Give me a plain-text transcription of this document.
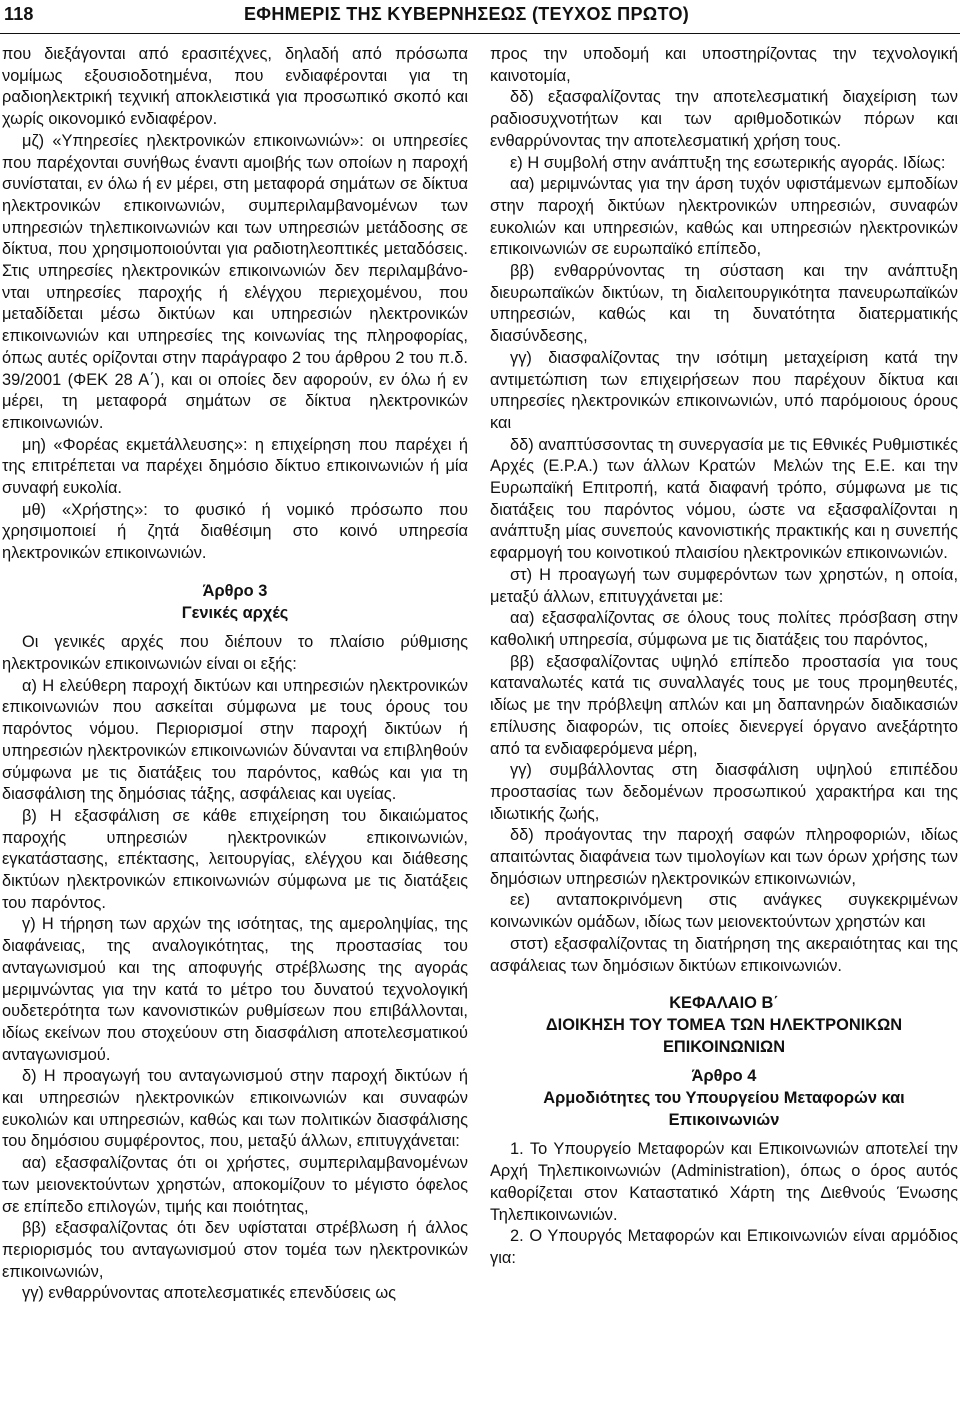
118	ΕΦΗΜΕΡΙΣ ΤΗΣ ΚΥΒΕΡΝΗΣΕΩΣ (ΤΕΥΧΟΣ ΠΡΩΤΟ)

που διεξάγονται από ερασιτέχνες, δηλαδή από πρόσωπα νομίμως εξουσιοδοτημένα, που ενδιαφέρονται για τη ραδιοηλεκτρική τεχνική αποκλειστικά για προσωπικό σκοπό και χωρίς οικονομικό ενδιαφέρον.

μζ) «Υπηρεσίες ηλεκτρονικών επικοινωνιών»: οι υπηρεσίες που παρέχονται συνήθως έναντι αμοιβής των οποίων η παροχή συνίσταται, εν όλω ή εν μέρει, στη μεταφορά σημάτων σε δίκτυα ηλεκτρονικών επικοινωνιών, συμπεριλαμβανομένων των υπηρεσιών τηλεπικοινωνιών και των υπηρεσιών μετάδοσης σε δίκτυα, που χρησιμοποιούνται για ραδιοτηλεοπτικές μεταδόσεις. Στις υπηρεσίες ηλεκτρονικών επικοινωνιών δεν περιλαμβάνονται υπηρεσίες παροχής ή ελέγχου περιεχομένου, που μεταδίδεται μέσω δικτύων και υπηρεσιών ηλεκτρονικών επικοινωνιών και υπηρεσίες της κοινωνίας της πληροφορίας, όπως αυτές ορίζονται στην παράγραφο 2 του άρθρου 2 του π.δ. 39/2001 (ΦΕΚ 28 Α΄), και οι οποίες δεν αφορούν, εν όλω ή εν μέρει, τη μεταφορά σημάτων σε δίκτυα ηλεκτρονικών επικοινωνιών.

μη) «Φορέας εκμετάλλευσης»: η επιχείρηση που παρέχει ή της επιτρέπεται να παρέχει δημόσιο δίκτυο επικοινωνιών ή μία συναφή ευκολία.

μθ) «Χρήστης»: το φυσικό ή νομικό πρόσωπο που χρησιμοποιεί ή ζητά διαθέσιμη στο κοινό υπηρεσία ηλεκτρονικών επικοινωνιών.

Άρθρο 3
Γενικές αρχές

Οι γενικές αρχές που διέπουν το πλαίσιο ρύθμισης ηλεκτρονικών επικοινωνιών είναι οι εξής:

α) Η ελεύθερη παροχή δικτύων και υπηρεσιών ηλεκτρονικών επικοινωνιών που ασκείται σύμφωνα με τους όρους του παρόντος νόμου. Περιορισμοί στην παροχή δικτύων ή υπηρεσιών ηλεκτρονικών επικοινωνιών δύνανται να επιβληθούν σύμφωνα με τις διατάξεις του παρόντος, καθώς και για τη διασφάλιση της δημόσιας τάξης, ασφάλειας και υγείας.

β) Η εξασφάλιση σε κάθε επιχείρηση του δικαιώματος παροχής υπηρεσιών ηλεκτρονικών επικοινωνιών, εγκατάστασης, επέκτασης, λειτουργίας, ελέγχου και διάθεσης δικτύων ηλεκτρονικών επικοινωνιών σύμφωνα με τις διατάξεις του παρόντος.

γ) Η τήρηση των αρχών της ισότητας, της αμεροληψίας, της διαφάνειας, της αναλογικότητας, της προστασίας του ανταγωνισμού και της αποφυγής στρέβλωσης της αγοράς μεριμνώντας για την κατά το μέτρο του δυνατού τεχνολογική ουδετερότητα των κανονιστικών ρυθμίσεων που επιβάλλονται, ιδίως εκείνων που στοχεύουν στη διασφάλιση αποτελεσματικού ανταγωνισμού.

δ) Η προαγωγή του ανταγωνισμού στην παροχή δικτύων ή και υπηρεσιών ηλεκτρονικών επικοινωνιών και συναφών ευκολιών και υπηρεσιών, καθώς και των πολιτικών διασφάλισης του δημόσιου συμφέροντος, που, μεταξύ άλλων, επιτυγχάνεται:

αα) εξασφαλίζοντας ότι οι χρήστες, συμπεριλαμβανομένων των μειονεκτούντων χρηστών, αποκομίζουν το μέγιστο όφελος σε επίπεδο επιλογών, τιμής και ποιότητας,

ββ) εξασφαλίζοντας ότι δεν υφίσταται στρέβλωση ή άλλος περιορισμός του ανταγωνισμού στον τομέα των ηλεκτρονικών επικοινωνιών,

γγ) ενθαρρύνοντας αποτελεσματικές επενδύσεις ως

προς την υποδομή και υποστηρίζοντας την τεχνολογική καινοτομία,

δδ) εξασφαλίζοντας την αποτελεσματική διαχείριση των ραδιοσυχνοτήτων και των αριθμοδοτικών πόρων και ενθαρρύνοντας την αποτελεσματική χρήση τους.

ε) Η συμβολή στην ανάπτυξη της εσωτερικής αγοράς. Ιδίως:

αα) μεριμνώντας για την άρση τυχόν υφιστάμενων εμποδίων στην παροχή δικτύων ηλεκτρονικών υπηρεσιών, συναφών ευκολιών και υπηρεσιών, καθώς και υπηρεσιών ηλεκτρονικών επικοινωνιών σε ευρωπαϊκό επίπεδο,

ββ) ενθαρρύνοντας τη σύσταση και την ανάπτυξη διευρωπαϊκών δικτύων, τη διαλειτουργικότητα πανευρωπαϊκών υπηρεσιών, καθώς και τη δυνατότητα διατερματικής διασύνδεσης,

γγ) διασφαλίζοντας την ισότιμη μεταχείριση κατά την αντιμετώπιση των επιχειρήσεων που παρέχουν δίκτυα και υπηρεσίες ηλεκτρονικών επικοινωνιών, υπό παρόμοιους όρους και

δδ) αναπτύσσοντας τη συνεργασία με τις Εθνικές Ρυθμιστικές Αρχές (Ε.Ρ.Α.) των άλλων Κρατών Μελών της Ε.Ε. και την Ευρωπαϊκή Επιτροπή, κατά διαφανή τρόπο, σύμφωνα με τις διατάξεις του παρόντος νόμου, ώστε να εξασφαλίζονται η ανάπτυξη μίας συνεπούς κανονιστικής πρακτικής και η συνεπής εφαρμογή του κοινοτικού πλαισίου ηλεκτρονικών επικοινωνιών.

στ) Η προαγωγή των συμφερόντων των χρηστών, η οποία, μεταξύ άλλων, επιτυγχάνεται με:

αα) εξασφαλίζοντας σε όλους τους πολίτες πρόσβαση στην καθολική υπηρεσία, σύμφωνα με τις διατάξεις του παρόντος,

ββ) εξασφαλίζοντας υψηλό επίπεδο προστασία για τους καταναλωτές κατά τις συναλλαγές τους με τους προμηθευτές, ιδίως με την πρόβλεψη απλών και μη δαπανηρών διαδικασιών επίλυσης διαφορών, τις οποίες διενεργεί όργανο ανεξάρτητο από τα ενδιαφερόμενα μέρη,

γγ) συμβάλλοντας στη διασφάλιση υψηλού επιπέδου προστασίας των δεδομένων προσωπικού χαρακτήρα και της ιδιωτικής ζωής,

δδ) προάγοντας την παροχή σαφών πληροφοριών, ιδίως απαιτώντας διαφάνεια των τιμολογίων και των όρων χρήσης των δημόσιων υπηρεσιών ηλεκτρονικών επικοινωνιών,

εε) ανταποκρινόμενη στις ανάγκες συγκεκριμένων κοινωνικών ομάδων, ιδίως των μειονεκτούντων χρηστών και

στστ) εξασφαλίζοντας τη διατήρηση της ακεραιότητας και της ασφάλειας των δημόσιων δικτύων επικοινωνιών.

ΚΕΦΑΛΑΙΟ Β΄
ΔΙΟΙΚΗΣΗ ΤΟΥ ΤΟΜΕΑ ΤΩΝ ΗΛΕΚΤΡΟΝΙΚΩΝ ΕΠΙΚΟΙΝΩΝΙΩΝ
Άρθρο 4
Αρμοδιότητες του Υπουργείου Μεταφορών και Επικοινωνιών

1. Το Υπουργείο Μεταφορών και Επικοινωνιών αποτελεί την Αρχή Τηλεπικοινωνιών (Administration), όπως ο όρος αυτός καθορίζεται στον Καταστατικό Χάρτη της Διεθνούς Ένωσης Τηλεπικοινωνιών.

2. Ο Υπουργός Μεταφορών και Επικοινωνιών είναι αρμόδιος για:
